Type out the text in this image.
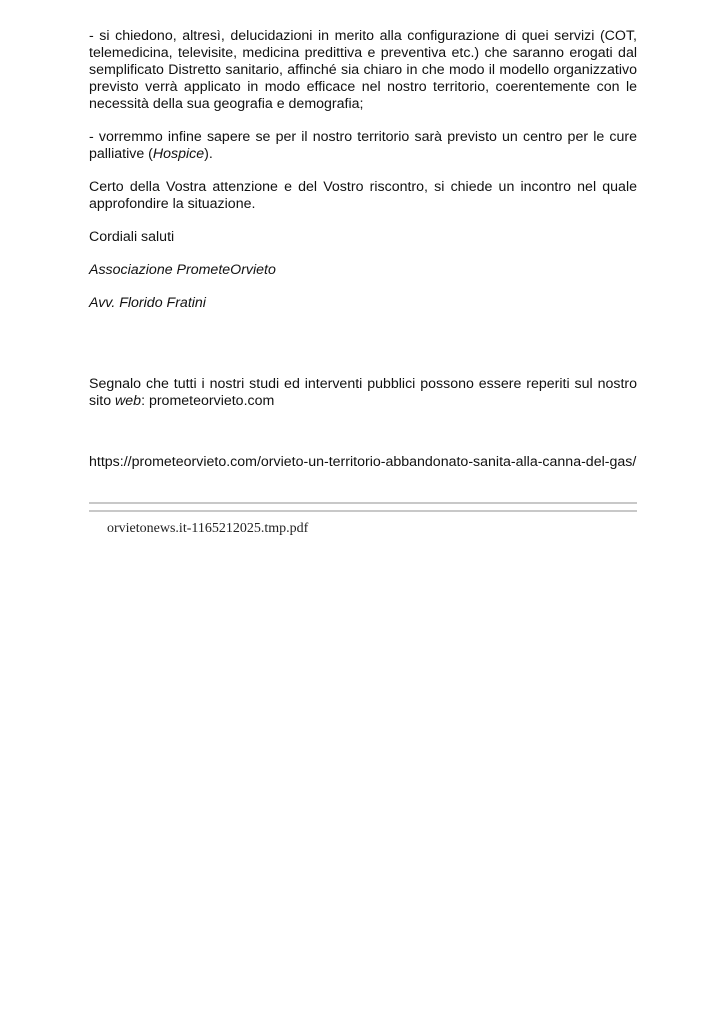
- si chiedono, altresì, delucidazioni in merito alla configurazione di quei servizi (COT, telemedicina, televisite, medicina predittiva e preventiva etc.) che saranno erogati dal semplificato Distretto sanitario, affinché sia chiaro in che modo il modello organizzativo previsto verrà applicato in modo efficace nel nostro territorio, coerentemente con le necessità della sua geografia e demografia;

- vorremmo infine sapere se per il nostro territorio sarà previsto un centro per le cure palliative (Hospice).

Certo della Vostra attenzione e del Vostro riscontro, si chiede un incontro nel quale approfondire la situazione.

Cordiali saluti

Associazione PrometeOrvieto

Avv. Florido Fratini

Segnalo che tutti i nostri studi ed interventi pubblici possono essere reperiti sul nostro sito web: prometeorvieto.com

https://prometeorvieto.com/orvieto-un-territorio-abbandonato-sanita-alla-canna-del-gas/

orvietonews.it-1165212025.tmp.pdf
